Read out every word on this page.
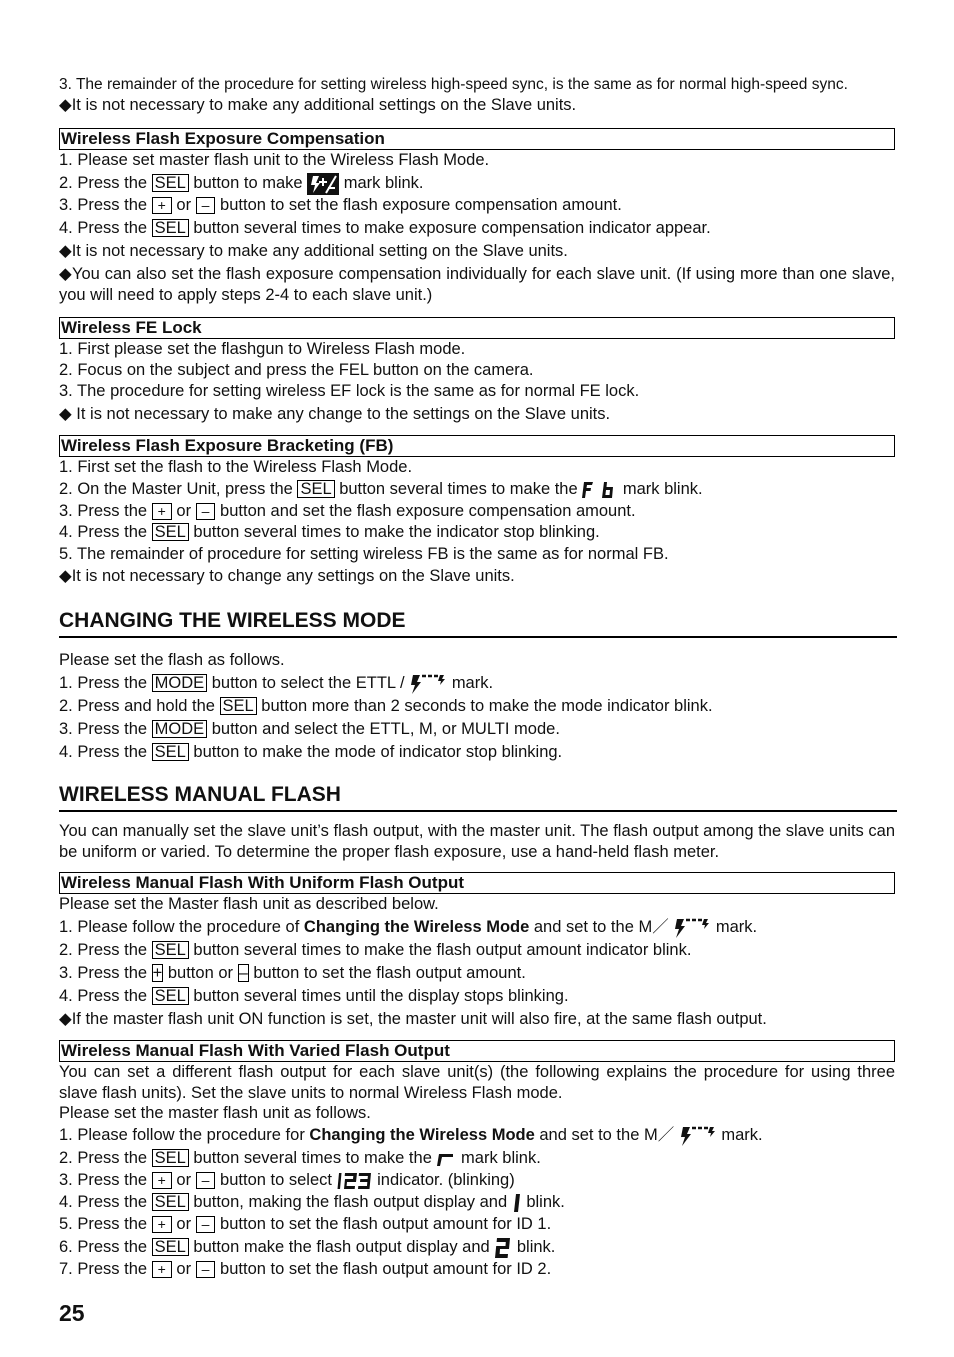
3. The remainder of the procedure for setting wireless high-speed sync, is the same as for normal high-speed sync.
◆It is not necessary to make any additional settings on the Slave units.
Wireless Flash Exposure Compensation
1. Please set master flash unit to the Wireless Flash Mode.
2. Press the SEL button to make  mark blink.
3. Press the + or – button to set the flash exposure compensation amount.
4. Press the SEL button several times to make exposure compensation indicator appear.
◆It is not necessary to make any additional setting on the Slave units.
◆You can also set the flash exposure compensation individually for each slave unit. (If using more than one slave, you will need to apply steps 2-4 to each slave unit.)
Wireless FE Lock
1. First please set the flashgun to Wireless Flash mode.
2. Focus on the subject and press the FEL button on the camera.
3. The procedure for setting wireless EF lock is the same as for normal FE lock.
◆ It is not necessary to make any change to the settings on the Slave units.
Wireless Flash Exposure Bracketing (FB)
1. First set the flash to the Wireless Flash Mode.
2. On the Master Unit, press the SEL button several times to make the  mark blink.
3. Press the + or – button and set the flash exposure compensation amount.
4. Press the SEL button several times to make the indicator stop blinking.
5. The remainder of procedure for setting wireless FB is the same as for normal FB.
◆It is not necessary to change any settings on the Slave units.
CHANGING THE WIRELESS MODE
Please set the flash as follows.
1. Press the MODE button to select the ETTL /	mark.
2. Press and hold the SEL button more than 2 seconds to make the mode indicator blink.
3. Press the MODE button and select the ETTL, M, or MULTI mode.
4. Press the SEL button to make the mode of indicator stop blinking.
WIRELESS MANUAL FLASH
You can manually set the slave unit’s flash output, with the master unit. The flash output among the slave units can be uniform or varied. To determine the proper flash exposure, use a hand-held flash meter.
Wireless Manual Flash With Uniform Flash Output
Please set the Master flash unit as described below.
1. Please follow the procedure of Changing the Wireless Mode and set to the M／	mark.
2. Press the SEL button several times to make the flash output amount indicator blink.
3. Press the + button or – button to set the flash output amount.
4. Press the SEL button several times until the display stops blinking.
◆If the master flash unit ON function is set, the master unit will also fire, at the same flash output.
Wireless Manual Flash With Varied Flash Output
You can set a different flash output for each slave unit(s) (the following explains the procedure for using three slave flash units). Set the slave units to normal Wireless Flash mode.
Please set the master flash unit as follows.
1. Please follow the procedure for Changing the Wireless Mode and set to the M／	mark.
2. Press the SEL button several times to make the  mark blink.
3. Press the + or – button to select  indicator. (blinking)
4. Press the SEL button, making the flash output display and  blink.
5. Press the + or – button to set the flash output amount for ID 1.
6. Press the SEL button make the flash output display and  blink.
7. Press the + or – button to set the flash output amount for ID 2.
25
